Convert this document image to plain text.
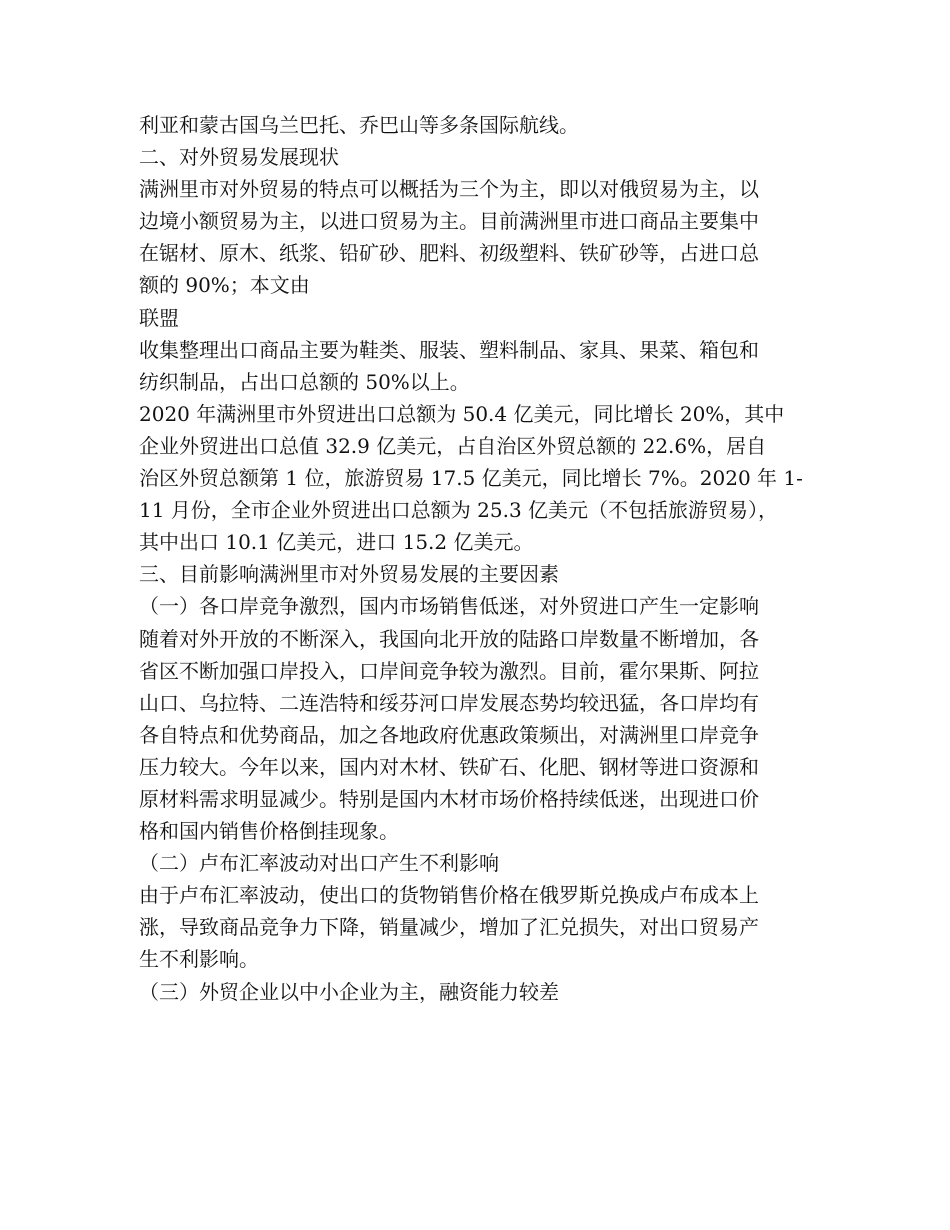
利亚和蒙古国乌兰巴托、乔巴山等多条国际航线。
二、对外贸易发展现状
满洲里市对外贸易的特点可以概括为三个为主，即以对俄贸易为主，以
边境小额贸易为主，以进口贸易为主。目前满洲里市进口商品主要集中
在锯材、原木、纸浆、铅矿砂、肥料、初级塑料、铁矿砂等，占进口总
额的 90%；本文由
联盟
收集整理出口商品主要为鞋类、服装、塑料制品、家具、果菜、箱包和
纺织制品，占出口总额的 50%以上。
2020 年满洲里市外贸进出口总额为 50.4 亿美元，同比增长 20%，其中
企业外贸进出口总值 32.9 亿美元，占自治区外贸总额的 22.6%，居自
治区外贸总额第 1 位，旅游贸易 17.5 亿美元，同比增长 7%。2020 年 1-
11 月份，全市企业外贸进出口总额为 25.3 亿美元（不包括旅游贸易），
其中出口 10.1 亿美元，进口 15.2 亿美元。
三、目前影响满洲里市对外贸易发展的主要因素
（一）各口岸竞争激烈，国内市场销售低迷，对外贸进口产生一定影响
随着对外开放的不断深入，我国向北开放的陆路口岸数量不断增加，各
省区不断加强口岸投入，口岸间竞争较为激烈。目前，霍尔果斯、阿拉
山口、乌拉特、二连浩特和绥芬河口岸发展态势均较迅猛，各口岸均有
各自特点和优势商品，加之各地政府优惠政策频出，对满洲里口岸竞争
压力较大。今年以来，国内对木材、铁矿石、化肥、钢材等进口资源和
原材料需求明显减少。特别是国内木材市场价格持续低迷，出现进口价
格和国内销售价格倒挂现象。
（二）卢布汇率波动对出口产生不利影响
由于卢布汇率波动，使出口的货物销售价格在俄罗斯兑换成卢布成本上
涨，导致商品竞争力下降，销量减少，增加了汇兑损失，对出口贸易产
生不利影响。
（三）外贸企业以中小企业为主，融资能力较差
